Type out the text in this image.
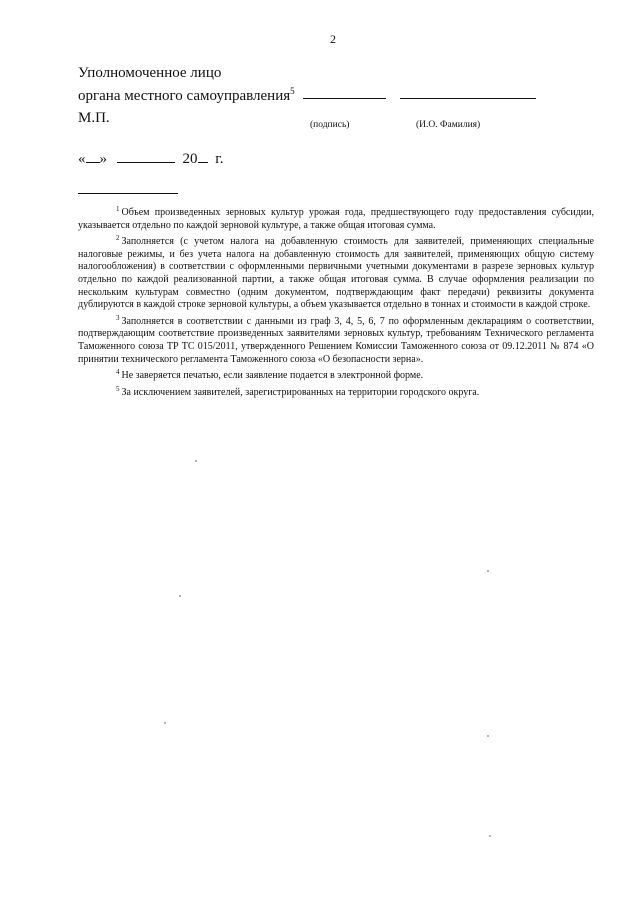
2
Уполномоченное лицо
органа местного самоуправления$^5$
(подпись)	(И.О. Фамилия)
М.П.
« »	20 г.

$^1$ Объем произведенных зерновых культур урожая года, предшествующего году предоставления субсидии, указывается отдельно по каждой зерновой культуре, а также общая итоговая сумма.

$^2$ Заполняется (с учетом налога на добавленную стоимость для заявителей, применяющих специальные налоговые режимы, и без учета налога на добавленную стоимость для заявителей, применяющих общую систему налогообложения) в соответствии с оформленными первичными учетными документами в разрезе зерновых культур отдельно по каждой реализованной партии, а также общая итоговая сумма. В случае оформления реализации по нескольким культурам совместно (одним документом, подтверждающим факт передачи) реквизиты документа дублируются в каждой строке зерновой культуры, а объем указывается отдельно в тоннах и стоимости в каждой строке.

$^3$ Заполняется в соответствии с данными из граф 3, 4, 5, 6, 7 по оформленным декларациям о соответствии, подтверждающим соответствие произведенных заявителями зерновых культур, требованиям Технического регламента Таможенного союза ТР ТС 015/2011, утвержденного Решением Комиссии Таможенного союза от 09.12.2011 № 874 «О принятии технического регламента Таможенного союза «О безопасности зерна».

$^4$ Не заверяется печатью, если заявление подается в электронной форме.

$^5$ За исключением заявителей, зарегистрированных на территории городского округа.
